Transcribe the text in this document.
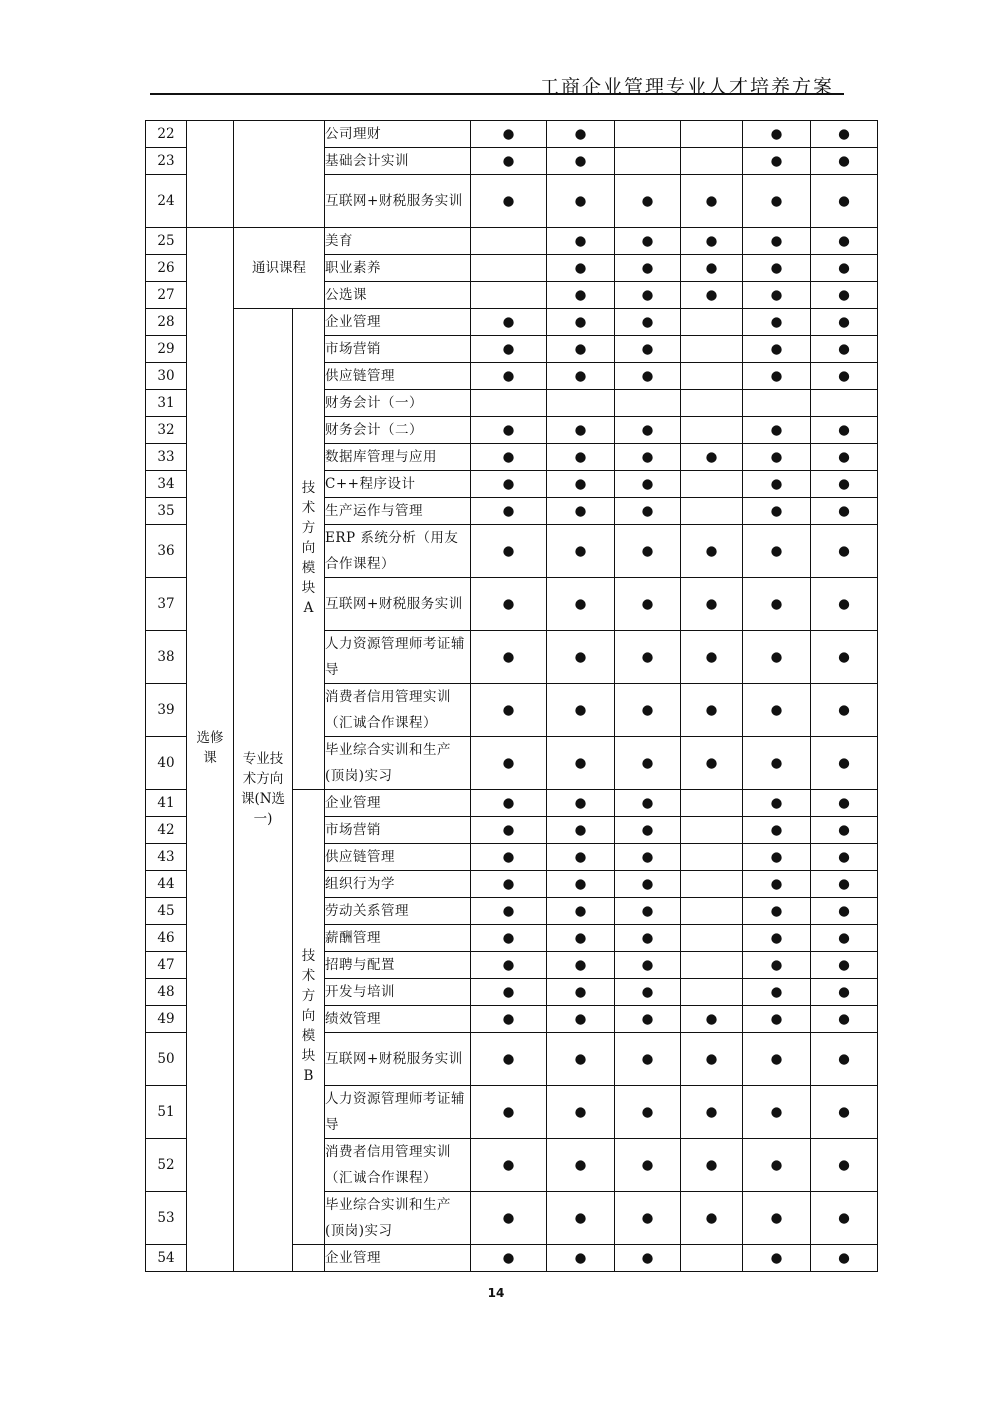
工商企业管理专业人才培养方案
22				公司理财	●	●			●	●
23				基础会计实训	●	●			●	●
24				互联网+财税服务实训	●	●	●	●	●	●
25	选修课	通识课程		美育		●	●	●	●	●
26				职业素养		●	●	●	●	●
27				公选课		●	●	●	●	●
28		专业技术方向课(N选一)	技术方向模块A	企业管理	●	●	●		●	●
29				市场营销	●	●	●		●	●
30				供应链管理	●	●	●		●	●
31				财务会计（一）						
32				财务会计（二）	●	●	●		●	●
33				数据库管理与应用	●	●	●	●	●	●
34				C++程序设计	●	●	●		●	●
35				生产运作与管理	●	●	●		●	●
36				ERP 系统分析（用友合作课程）	●	●	●	●	●	●
37				互联网+财税服务实训	●	●	●	●	●	●
38				人力资源管理师考证辅导	●	●	●	●	●	●
39				消费者信用管理实训（汇诚合作课程）	●	●	●	●	●	●
40				毕业综合实训和生产(顶岗)实习	●	●	●	●	●	●
41			技术方向模块B	企业管理	●	●	●		●	●
42				市场营销	●	●	●		●	●
43				供应链管理	●	●	●		●	●
44				组织行为学	●	●	●		●	●
45				劳动关系管理	●	●	●		●	●
46				薪酬管理	●	●	●		●	●
47				招聘与配置	●	●	●		●	●
48				开发与培训	●	●	●		●	●
49				绩效管理	●	●	●	●	●	●
50				互联网+财税服务实训	●	●	●	●	●	●
51				人力资源管理师考证辅导	●	●	●	●	●	●
52				消费者信用管理实训（汇诚合作课程）	●	●	●	●	●	●
53				毕业综合实训和生产(顶岗)实习	●	●	●	●	●	●
54				企业管理	●	●	●		●	●
14
